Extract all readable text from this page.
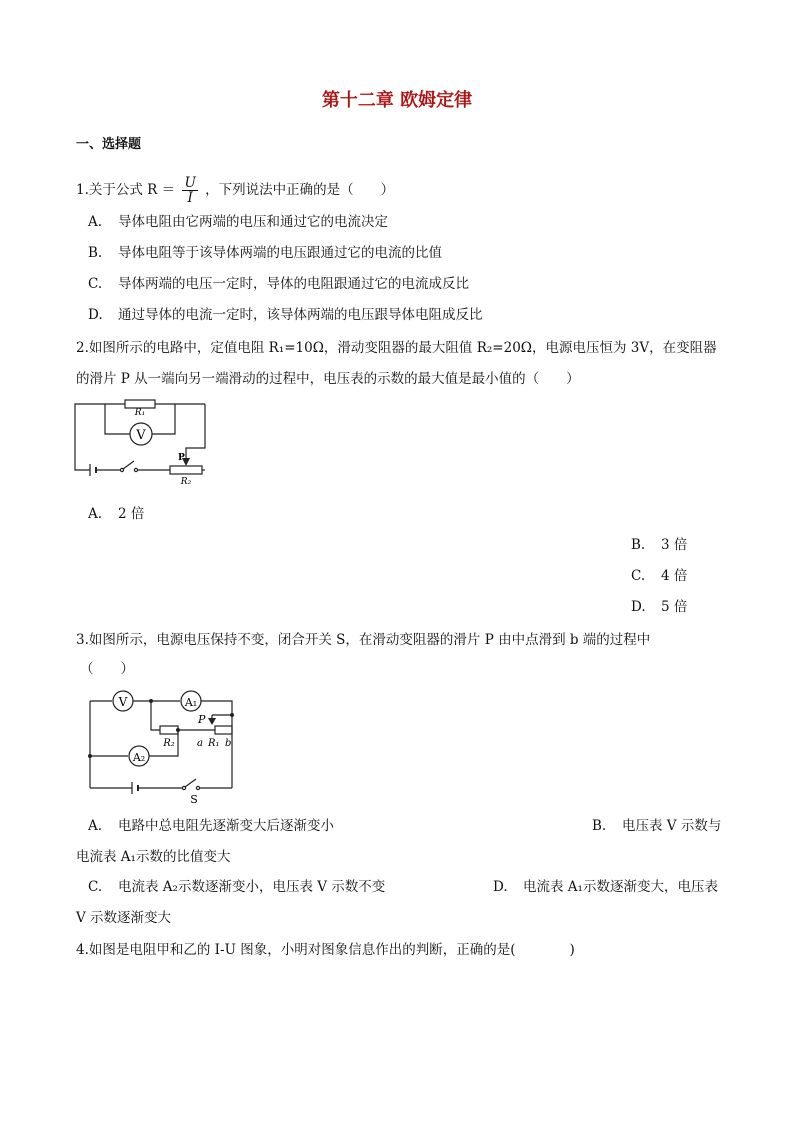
第十二章 欧姆定律
一、选择题
1.关于公式 $R = \frac{U}{I}$ ，下列说法中正确的是（　　）
A. 导体电阻由它两端的电压和通过它的电流决定
B. 导体电阻等于该导体两端的电压跟通过它的电流的比值
C. 导体两端的电压一定时，导体的电阻跟通过它的电流成反比
D. 通过导体的电流一定时，该导体两端的电压跟导体电阻成反比
2.如图所示的电路中，定值电阻 R₁=10Ω，滑动变阻器的最大阻值 R₂=20Ω，电源电压恒为 3V，在变阻器
的滑片 P 从一端向另一端滑动的过程中，电压表的示数的最大值是最小值的（　　）
R₁
V
P
R₂
A. 2 倍
B. 3 倍
C. 4 倍
D. 5 倍
3.如图所示，电源电压保持不变，闭合开关 S，在滑动变阻器的滑片 P 由中点滑到 b 端的过程中
（　　）
V	A₁
A₂
P
R₂ a R₁ b
S
A. 电路中总电阻先逐渐变大后逐渐变小	B. 电压表 V 示数与
电流表 A₁示数的比值变大
C. 电流表 A₂示数逐渐变小，电压表 V 示数不变	D. 电流表 A₁示数逐渐变大，电压表
V 示数逐渐变大
4.如图是电阻甲和乙的 I-U 图象，小明对图象信息作出的判断，正确的是(　　　　)
